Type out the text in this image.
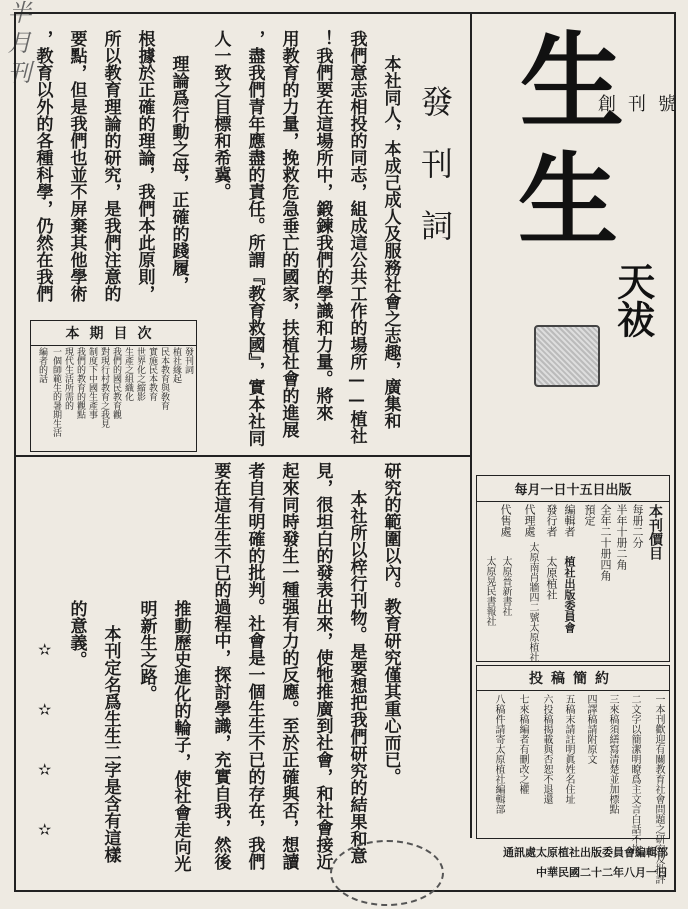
生
生
天祓
半月刊
創刊號
每月一日十五日出版
本刊價目
每册二分
半年十册二角
全年二十册四角
預定
編輯者
植社出版委員會
發行者
太原植社
代理處
太原南肖牆四二號太原植社
代售處
太原晉新書社
太原晃民書報社
投稿簡約
一本刊歡迎有關教育社會問題之研究及批評
二文字以簡潔明瞭爲主文言白話不拘
三來稿須繕寫清楚並加標點
四譯稿請附原文
五稿末請註明眞姓名住址
六投稿揭載與否恕不退還
七來稿編者有刪改之權
八稿件請寄太原植社編輯部
通訊處太原植社出版委員會編輯部
中華民國二十二年八月一日
發刊詞
本社同人，本成己成人及服務社會之志趣，廣集和
我們意志相投的同志，組成這公共工作的場所——植社
！我們要在這場所中，鍛鍊我們的學識和力量。將來
用教育的力量，挽救危急垂亡的國家，扶植社會的進展
，盡我們青年應盡的責任。所謂『教育救國』，實本社同
人一致之目標和希冀。
理論爲行動之母，正確的踐履，
根據於正確的理論，我們本此原則，
所以教育理論的研究，是我們注意的
要點，但是我們也並不屏棄其他學術
，教育以外的各種科學，仍然在我們
本期目次
發刊詞
植社緣起
民本教育與敎育
實施民本教育
世界化之縮影
生產之組織化
我們的國民教育觀
對現行村教育之我見
制度下中國生產事
我們的教育的觀點
現代生活所需的
一個師範生的暑期生活
編者的話
研究的範圍以內。教育研究僅其重心而已。
本社所以梓行刊物。是要想把我們研究的結果和意
見，很坦白的發表出來，使牠推廣到社會，和社會接近
起來同時發生一種强有力的反應。至於正確與否，想讀
者自有明確的批判。社會是一個生生不已的存在，我們
要在這生生不已的過程中，探討學識，充實自我，然後
推動歷史進化的輪子，使社會走向光
明新生之路。
本刊定名爲生生二字是含有這樣
的意義。
✫
✫
✫
✫
